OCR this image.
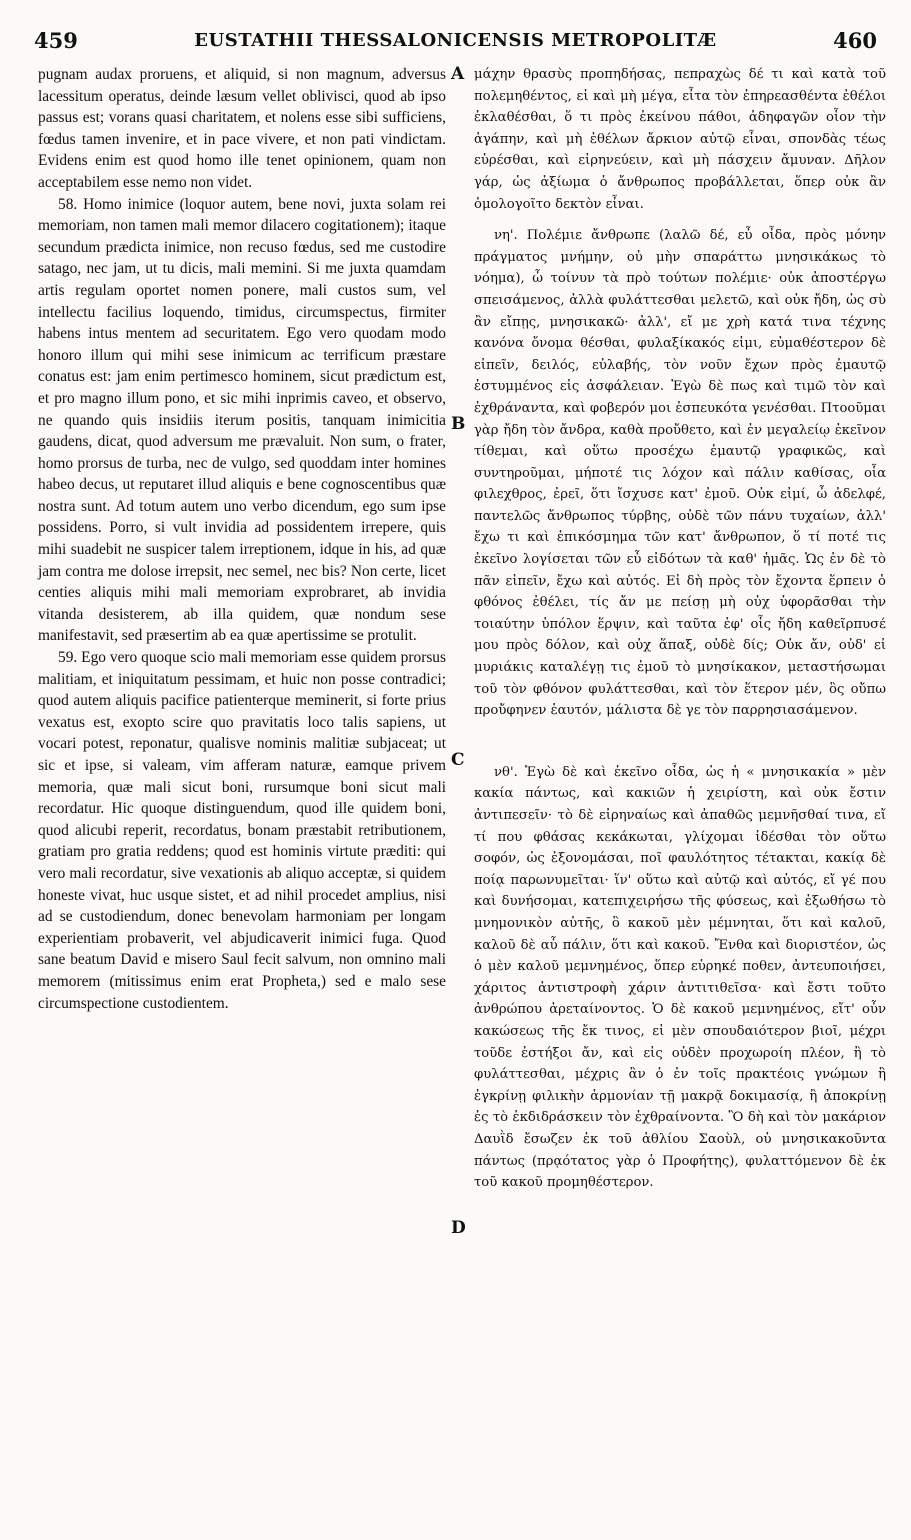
459	EUSTATHII THESSALONICENSIS METROPOLITÆ	460

pugnam audax proruens, et aliquid, si non magnum, adversus lacessitum operatus, deinde læsum vellet oblivisci, quod ab ipso passus est; vorans quasi charitatem, et nolens esse sibi sufficiens, fœdus tamen invenire, et in pace vivere, et non pati vindictam. Evidens enim est quod homo ille tenet opinionem, quam non acceptabilem esse nemo non videt.

58. Homo inimice (loquor autem, bene novi, juxta solam rei memoriam, non tamen mali memor dilacero cogitationem); itaque secundum prædicta inimice, non recuso fœdus, sed me custodire satago, nec jam, ut tu dicis, mali memini. Si me juxta quamdam artis regulam oportet nomen ponere, mali custos sum, vel intellectu facilius loquendo, timidus, circumspectus, firmiter habens intus mentem ad securitatem. Ego vero quodam modo honoro illum qui mihi sese inimicum ac terrificum præstare conatus est: jam enim pertimesco hominem, sicut prædictum est, et pro magno illum pono, et sic mihi inprimis caveo, et observo, ne quando quis insidiis iterum positis, tanquam inimicitia gaudens, dicat, quod adversum me prævaluit. Non sum, o frater, homo prorsus de turba, nec de vulgo, sed quoddam inter homines habeo decus, ut reputaret illud aliquis e bene cognoscentibus quæ nostra sunt. Ad totum autem uno verbo dicendum, ego sum ipse possidens. Porro, si vult invidia ad possidentem irrepere, quis mihi suadebit ne suspicer talem irreptionem, idque in his, ad quæ jam contra me dolose irrepsit, nec semel, nec bis? Non certe, licet centies aliquis mihi mali memoriam exprobraret, ab invidia vitanda desisterem, ab illa quidem, quæ nondum sese manifestavit, sed præsertim ab ea quæ apertissime se protulit.

59. Ego vero quoque scio mali memoriam esse quidem prorsus malitiam, et iniquitatum pessimam, et huic non posse contradici; quod autem aliquis pacifice patienterque meminerit, si forte prius vexatus est, exopto scire quo pravitatis loco talis sapiens, ut vocari potest, reponatur, qualisve nominis malitiæ subjaceat; ut sic et ipse, si valeam, vim afferam naturæ, eamque privem memoria, quæ mali sicut boni, rursumque boni sicut mali recordatur. Hic quoque distinguendum, quod ille quidem boni, quod alicubi reperit, recordatus, bonam præstabit retributionem, gratiam pro gratia reddens; quod est hominis virtute præditi: qui vero mali recordatur, sive vexationis ab aliquo acceptæ, si quidem honeste vivat, huc usque sistet, et ad nihil procedet amplius, nisi ad se custodiendum, donec benevolam harmoniam per longam experientiam probaverit, vel abjudicaverit inimici fuga. Quod sane beatum David e misero Saul fecit salvum, non omnino mali memorem (mitissimus enim erat Propheta,) sed e malo sese circumspectione custodientem.

A
B
C
D

μάχην θρασὺς προπηδήσας, πεπραχὼς δέ τι καὶ κατὰ τοῦ πολεμηθέντος, εἰ καὶ μὴ μέγα, εἶτα τὸν ἐπηρεασθέντα ἐθέλοι ἐκλαθέσθαι, ὅ τι πρὸς ἐκείνου πάθοι, ἀδηφαγῶν οἷον τὴν ἀγάπην, καὶ μὴ ἐθέλων ἄρκιον αὐτῷ εἶναι, σπονδὰς τέως εὑρέσθαι, καὶ εἰρηνεύειν, καὶ μὴ πάσχειν ἄμυναν. Δῆλον γάρ, ὡς ἀξίωμα ὁ ἄνθρωπος προβάλλεται, ὅπερ οὐκ ἂν ὁμολογοῖτο δεκτὸν εἶναι.

νη'. Πολέμιε ἄνθρωπε (λαλῶ δέ, εὖ οἶδα, πρὸς μόνην πράγματος μνήμην, οὐ μὴν σπαράττω μνησικάκως τὸ νόημα), ὦ τοίνυν τὰ πρὸ τούτων πολέμιε· οὐκ ἀποστέργω σπεισάμενος, ἀλλὰ φυλάττεσθαι μελετῶ, καὶ οὐκ ἤδη, ὡς σὺ ἂν εἴπῃς, μνησικακῶ· ἀλλ', εἴ με χρὴ κατά τινα τέχνης κανόνα ὄνομα θέσθαι, φυλαξίκακός εἰμι, εὐμαθέστερον δὲ εἰπεῖν, δειλός, εὐλαβής, τὸν νοῦν ἔχων πρὸς ἐμαυτῷ ἐστυμμένος εἰς ἀσφάλειαν. Ἐγὼ δὲ πως καὶ τιμῶ τὸν καὶ ἐχθράναντα, καὶ φοβερόν μοι ἐσπευκότα γενέσθαι. Πτοοῦμαι γὰρ ἤδη τὸν ἄνδρα, καθὰ προὔθετο, καὶ ἐν μεγαλείῳ ἐκεῖνον τίθεμαι, καὶ οὕτω προσέχω ἐμαυτῷ γραφικῶς, καὶ συντηροῦμαι, μήποτέ τις λόχον καὶ πάλιν καθίσας, οἷα φιλεχθρος, ἐρεῖ, ὅτι ἴσχυσε κατ' ἐμοῦ. Οὐκ εἰμί, ὦ ἀδελφέ, παντελῶς ἄνθρωπος τύρβης, οὐδὲ τῶν πάνυ τυχαίων, ἀλλ' ἔχω τι καὶ ἐπικόσμημα τῶν κατ' ἄνθρωπον, ὅ τί ποτέ τις ἐκεῖνο λογίσεται τῶν εὖ εἰδότων τὰ καθ' ἡμᾶς. Ὡς ἐν δὲ τὸ πᾶν εἰπεῖν, ἔχω καὶ αὐτός. Εἰ δὴ πρὸς τὸν ἔχοντα ἕρπειν ὁ φθόνος ἐθέλει, τίς ἄν με πείσῃ μὴ οὐχ ὑφορᾶσθαι τὴν τοιαύτην ὑπόλον ἕρψιν, καὶ ταῦτα ἐφ' οἷς ἤδη καθεῖρπυσέ μου πρὸς δόλον, καὶ οὐχ ἅπαξ, οὐδὲ δίς; Οὐκ ἄν, οὐδ' εἰ μυριάκις καταλέγῃ τις ἐμοῦ τὸ μνησίκακον, μεταστήσωμαι τοῦ τὸν φθόνον φυλάττεσθαι, καὶ τὸν ἕτερον μέν, ὃς οὔπω προὔφηνεν ἑαυτόν, μάλιστα δὲ γε τὸν παρρησιασάμενον.

νθ'. Ἐγὼ δὲ καὶ ἐκεῖνο οἶδα, ὡς ἡ « μνησικακία » μὲν κακία πάντως, καὶ κακιῶν ἡ χειρίστη, καὶ οὐκ ἔστιν ἀντιπεσεῖν· τὸ δὲ εἰρηναίως καὶ ἀπαθῶς μεμνῆσθαί τινα, εἴ τί που φθάσας κεκάκωται, γλίχομαι ἰδέσθαι τὸν οὕτω σοφόν, ὡς ἐξονομάσαι, ποῖ φαυλότητος τέτακται, κακίᾳ δὲ ποίᾳ παρωνυμεῖται· ἵν' οὕτω καὶ αὐτῷ καὶ αὐτός, εἴ γέ που καὶ δυνήσομαι, κατεπιχειρήσω τῆς φύσεως, καὶ ἐξωθήσω τὸ μνημονικὸν αὐτῆς, ὃ κακοῦ μὲν μέμνηται, ὅτι καὶ καλοῦ, καλοῦ δὲ αὖ πάλιν, ὅτι καὶ κακοῦ. Ἔνθα καὶ διοριστέον, ὡς ὁ μὲν καλοῦ μεμνημένος, ὅπερ εὑρηκέ ποθεν, ἀντευποιήσει, χάριτος ἀντιστροφὴ χάριν ἀντιτιθεῖσα· καὶ ἔστι τοῦτο ἀνθρώπου ἀρεταίνοντος. Ὁ δὲ κακοῦ μεμνημένος, εἴτ' οὖν κακώσεως τῆς ἔκ τινος, εἰ μὲν σπουδαιότερον βιοῖ, μέχρι τοῦδε ἐστήξοι ἄν, καὶ εἰς οὐδὲν προχωροίη πλέον, ἢ τὸ φυλάττεσθαι, μέχρις ἂν ὁ ἐν τοῖς πρακτέοις γνώμων ἢ ἐγκρίνῃ φιλικὴν ἁρμονίαν τῇ μακρᾷ δοκιμασίᾳ, ἢ ἀποκρίνῃ ἐς τὸ ἐκδιδράσκειν τὸν ἐχθραίνοντα. Ὃ δὴ καὶ τὸν μακάριον Δαυῒδ ἔσωζεν ἐκ τοῦ ἀθλίου Σαοὺλ, οὐ μνησικακοῦντα πάντως (πρᾳότατος γὰρ ὁ Προφήτης), φυλαττόμενον δὲ ἐκ τοῦ κακοῦ προμηθέστερον.
